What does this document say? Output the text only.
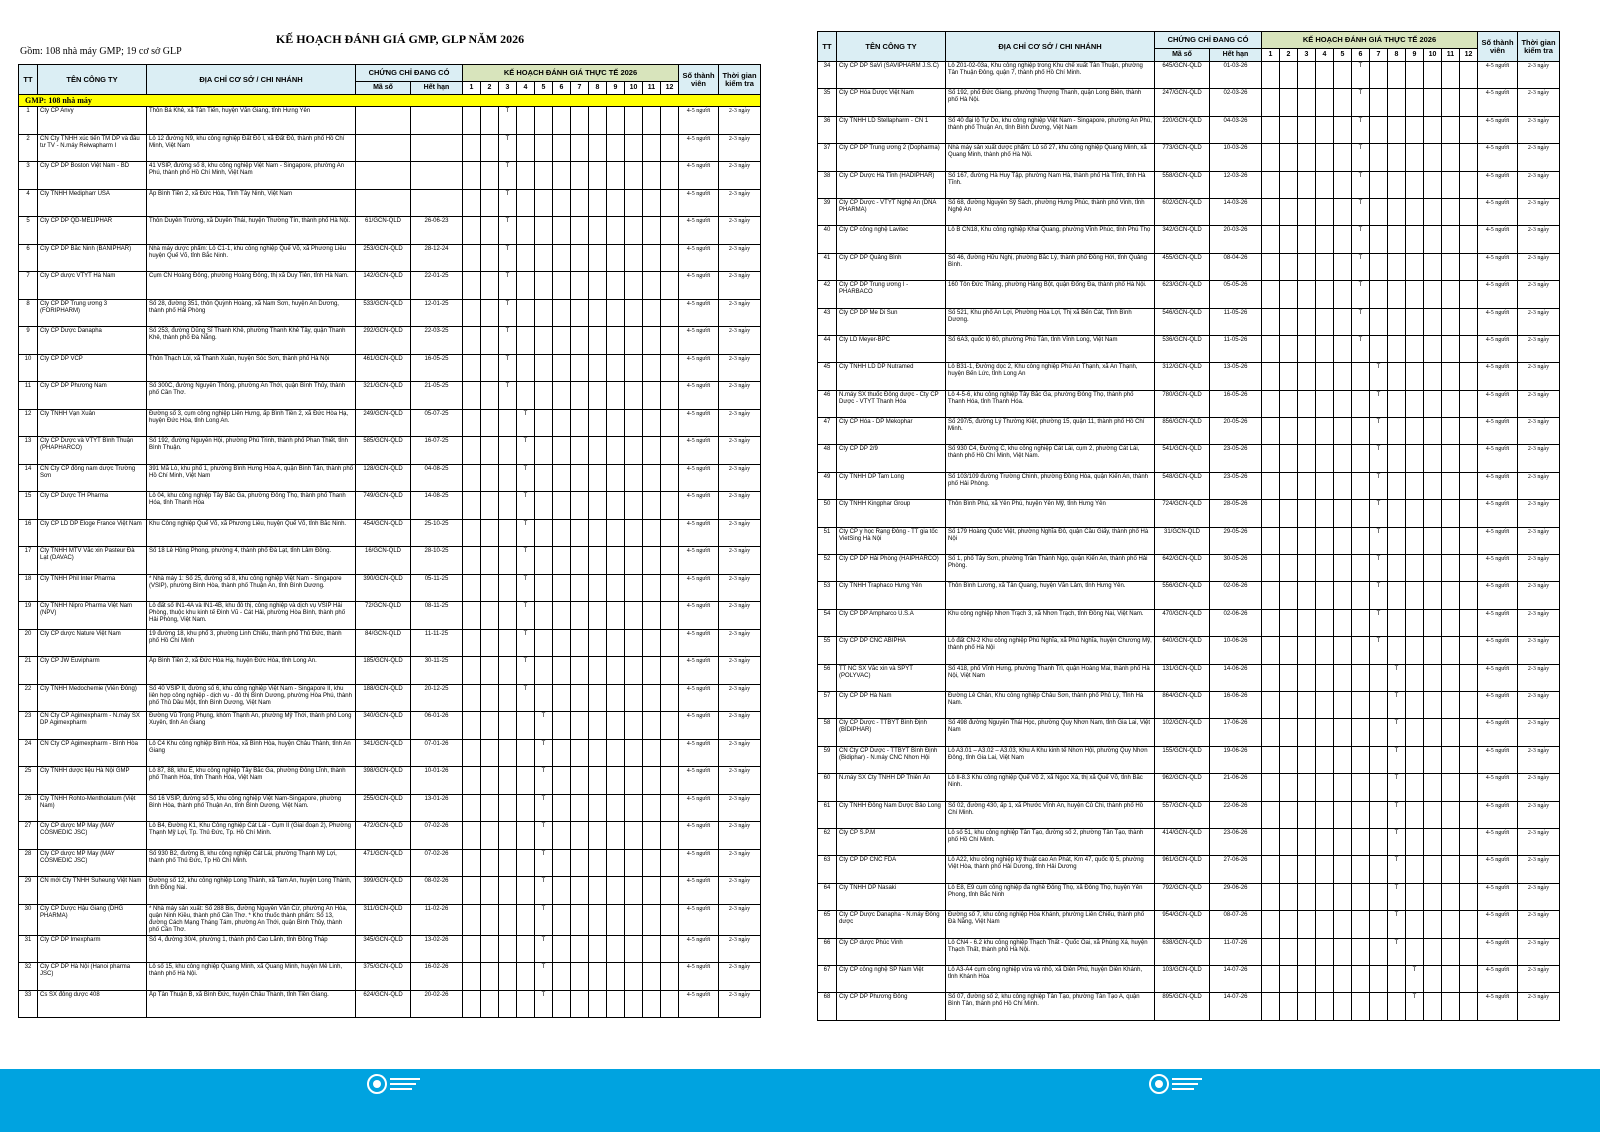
KẾ HOẠCH ĐÁNH GIÁ GMP, GLP NĂM 2026
Gồm: 108 nhà máy GMP; 19 cơ sở GLP
TT	TÊN CÔNG TY	ĐỊA CHỈ CƠ SỞ / CHI NHÁNH	CHỨNG CHỈ ĐANG CÓ		KẾ HOẠCH ĐÁNH GIÁ THỰC TẾ 2026												Số thành viên	Thời gian kiểm tra
			Mã số	Hết hạn	1	2	3	4	5	6	7	8	9	10	11	12		
GMP: 108 nhà máy																		
1	Cty CP Anvy	Thôn Bá Khê, xã Tân Tiến, huyện Văn Giang, tỉnh Hưng Yên					T										4-5 người	2-3 ngày
2	CN Cty TNHH xúc tiến TM DP và đầu tư TV - N.máy Reiwapharm I	Lô 12 đường N9, khu công nghiệp Đất Đỏ I, xã Đất Đỏ, thành phố Hồ Chí Minh, Việt Nam					T										4-5 người	2-3 ngày
3	Cty CP DP Boston Việt Nam - BD	41 VSIP, đường số 8, khu công nghiệp Việt Nam - Singapore, phường An Phú, thành phố Hồ Chí Minh, Việt Nam					T										4-5 người	2-3 ngày
4	Cty TNHH Medipharr USA	Ấp Bình Tiền 2, xã Đức Hòa, Tỉnh Tây Ninh, Việt Nam					T										4-5 người	2-3 ngày
5	Cty CP DP QD-MELIPHAR	Thôn Duyên Trường, xã Duyên Thái, huyện Thường Tín, thành phố Hà Nội.	61/GCN-QLD	26-06-23			T										4-5 người	2-3 ngày
6	Cty CP DP Bắc Ninh (BANIPHAR)	Nhà máy dược phẩm: Lô C1-1, khu công nghiệp Quế Võ, xã Phương Liễu huyện Quế Võ, tỉnh Bắc Ninh.	253/GCN-QLD	28-12-24			T										4-5 người	2-3 ngày
7	Cty CP dược VTYT Hà Nam	Cụm CN Hoàng Đông, phường Hoàng Đông, thị xã Duy Tiên, tỉnh Hà Nam.	142/GCN-QLD	22-01-25			T										4-5 người	2-3 ngày
8	Cty CP DP Trung ương 3 (FORIPHARM)	Số 28, đường 351, thôn Quỳnh Hoàng, xã Nam Sơn, huyện An Dương, thành phố Hải Phòng	533/GCN-QLD	12-01-25			T										4-5 người	2-3 ngày
9	Cty CP Dược Danapha	Số 253, đường Dũng Sĩ Thanh Khê, phường Thanh Khê Tây, quận Thanh Khê, thành phố Đà Nẵng.	292/GCN-QLD	22-03-25			T										4-5 người	2-3 ngày
10	Cty CP DP VCP	Thôn Thạch Lỗi, xã Thanh Xuân, huyện Sóc Sơn, thành phố Hà Nội	461/GCN-QLD	16-05-25			T										4-5 người	2-3 ngày
11	Cty CP DP Phương Nam	Số 300C, đường Nguyễn Thông, phường An Thới, quận Bình Thủy, thành phố Cần Thơ.	321/GCN-QLD	21-05-25			T										4-5 người	2-3 ngày
12	Cty TNHH Vạn Xuân	Đường số 3, cụm công nghiệp Liên Hưng, ấp Bình Tiền 2, xã Đức Hòa Hạ, huyện Đức Hòa, tỉnh Long An.	249/GCN-QLD	05-07-25				T									4-5 người	2-3 ngày
13	Cty CP Dược và VTYT Bình Thuận (PHAPHARCO)	Số 192, đường Nguyễn Hội, phường Phú Trinh, thành phố Phan Thiết, tỉnh Bình Thuận.	585/GCN-QLD	16-07-25				T									4-5 người	2-3 ngày
14	CN Cty CP đông nam dược Trường Sơn	391 Mã Lò, khu phố 1, phường Bình Hưng Hòa A, quận Bình Tân, thành phố Hồ Chí Minh, Việt Nam	128/GCN-QLD	04-08-25				T									4-5 người	2-3 ngày
15	Cty CP Dược TH Pharma	Lô 04, khu công nghiệp Tây Bắc Ga, phường Đông Thọ, thành phố Thanh Hóa, tỉnh Thanh Hóa	749/GCN-QLD	14-08-25				T									4-5 người	2-3 ngày
16	Cty CP LD DP Éloge France Việt Nam	Khu Công nghiệp Quế Võ, xã Phương Liễu, huyện Quế Võ, tỉnh Bắc Ninh.	454/GCN-QLD	25-10-25				T									4-5 người	2-3 ngày
17	Cty TNHH MTV Vắc xin Pasteur Đà Lạt (DAVAC)	Số 18 Lê Hồng Phong, phường 4, thành phố Đà Lạt, tỉnh Lâm Đồng.	16/GCN-QLD	28-10-25				T									4-5 người	2-3 ngày
18	Cty TNHH Phil Inter Pharma	* Nhà máy 1: Số 25, đường số 8, khu công nghiệp Việt Nam - Singapore (VSIP), phường Bình Hòa, thành phố Thuận An, tỉnh Bình Dương.	390/GCN-QLD	05-11-25				T									4-5 người	2-3 ngày
19	Cty TNHH Nipro Pharma Việt Nam (NPV)	Lô đất số IN1-4A và IN1-4B, khu đô thị, công nghiệp và dịch vụ VSIP Hải Phòng, thuộc khu kinh tế Đình Vũ - Cát Hải, phường Hòa Bình, thành phố Hải Phòng, Việt Nam.	72/GCN-QLD	08-11-25				T									4-5 người	2-3 ngày
20	Cty CP dược Nature Việt Nam	19 đường 18, khu phố 3, phường Linh Chiểu, thành phố Thủ Đức, thành phố Hồ Chí Minh	84/GCN-QLD	11-11-25				T									4-5 người	2-3 ngày
21	Cty CP JW Euvipharm	Ấp Bình Tiền 2, xã Đức Hòa Hạ, huyện Đức Hòa, tỉnh Long An.	185/GCN-QLD	30-11-25				T									4-5 người	2-3 ngày
22	Cty TNHH Medochemie (Viễn Đông)	Số 40 VSIP II, đường số 6, khu công nghiệp Việt Nam - Singapore II, khu liên hợp công nghiệp - dịch vụ - đô thị Bình Dương, phường Hòa Phú, thành phố Thủ Dầu Một, tỉnh Bình Dương, Việt Nam	188/GCN-QLD	20-12-25				T									4-5 người	2-3 ngày
23	CN Cty CP Agimexpharm - N.máy SX DP Agimexpharm	Đường Vũ Trọng Phụng, khóm Thạnh An, phường Mỹ Thới, thành phố Long Xuyên, tỉnh An Giang	340/GCN-QLD	06-01-26					T								4-5 người	2-3 ngày
24	CN Cty CP Agimexpharm - Bình Hòa	Lô C4 Khu công nghiệp Bình Hòa, xã Bình Hòa, huyện Châu Thành, tỉnh An Giang	341/GCN-QLD	07-01-26					T								4-5 người	2-3 ngày
25	Cty TNHH dược liệu Hà Nội GMP	Lô 87, 88, khu E, khu công nghiệp Tây Bắc Ga, phường Đông Lĩnh, thành phố Thanh Hóa, tỉnh Thanh Hóa, Việt Nam	398/GCN-QLD	10-01-26					T								4-5 người	2-3 ngày
26	Cty TNHH Rohto-Mentholatum (Việt Nam)	Số 16 VSIP, đường số 5, khu công nghiệp Việt Nam-Singapore, phường Bình Hòa, thành phố Thuận An, tỉnh Bình Dương, Việt Nam.	255/GCN-QLD	13-01-26					T								4-5 người	2-3 ngày
27	Cty CP dược MP May (MAY COSMEDIC JSC)	Lô B4, Đường K1, Khu Công nghiệp Cát Lái - Cụm II (Giai đoạn 2), Phường Thạnh Mỹ Lợi, Tp. Thủ Đức, Tp. Hồ Chí Minh.	472/GCN-QLD	07-02-26					T								4-5 người	2-3 ngày
28	Cty CP dược MP May (MAY COSMEDIC JSC)	Số 930 B2, đường B, khu công nghiệp Cát Lái, phường Thạnh Mỹ Lợi, thành phố Thủ Đức, Tp Hồ Chí Minh.	471/GCN-QLD	07-02-26					T								4-5 người	2-3 ngày
29	CN mới Cty TNHH Suheung Việt Nam	Đường số 12, khu công nghiệp Long Thành, xã Tam An, huyện Long Thành, tỉnh Đồng Nai.	399/GCN-QLD	08-02-26					T								4-5 người	2-3 ngày
30	Cty CP Dược Hậu Giang (DHG PHARMA)	* Nhà máy sản xuất: Số 288 Bis, đường Nguyễn Văn Cừ, phường An Hòa, quận Ninh Kiều, thành phố Cần Thơ. * Kho thuốc thành phẩm: Số 13, đường Cách Mạng Tháng Tám, phường An Thới, quận Bình Thủy, thành phố Cần Thơ.	311/GCN-QLD	11-02-26					T								4-5 người	2-3 ngày
31	Cty CP DP Imexpharm	Số 4, đường 30/4, phường 1, thành phố Cao Lãnh, tỉnh Đồng Tháp	345/GCN-QLD	13-02-26					T								4-5 người	2-3 ngày
32	Cty CP DP Hà Nội (Hanoi pharma JSC)	Lô số 15, khu công nghiệp Quang Minh, xã Quang Minh, huyện Mê Linh, thành phố Hà Nội.	375/GCN-QLD	16-02-26					T								4-5 người	2-3 ngày
33	Cs SX đông dược 408	Ấp Tân Thuận B, xã Bình Đức, huyện Châu Thành, tỉnh Tiền Giang.	624/GCN-QLD	20-02-26					T								4-5 người	2-3 ngày
TT	TÊN CÔNG TY	ĐỊA CHỈ CƠ SỞ / CHI NHÁNH	CHỨNG CHỈ ĐANG CÓ		KẾ HOẠCH ĐÁNH GIÁ THỰC TẾ 2026												Số thành viên	Thời gian kiểm tra
			Mã số	Hết hạn	1	2	3	4	5	6	7	8	9	10	11	12		
34	Cty CP DP SaVi (SAVIPHARM J.S.C)	Lô Z01-02-03a, Khu công nghiệp trong Khu chế xuất Tân Thuận, phường Tân Thuận Đông, quận 7, thành phố Hồ Chí Minh.	645/GCN-QLD	01-03-26						T							4-5 người	2-3 ngày
35	Cty CP Hóa Dược Việt Nam	Số 192, phố Đức Giang, phường Thượng Thanh, quận Long Biên, thành phố Hà Nội.	247/GCN-QLD	02-03-26						T							4-5 người	2-3 ngày
36	Cty TNHH LD Stellapharm - CN 1	Số 40 đại lộ Tự Do, khu công nghiệp Việt Nam - Singapore, phường An Phú, thành phố Thuận An, tỉnh Bình Dương, Việt Nam	220/GCN-QLD	04-03-26						T							4-5 người	2-3 ngày
37	Cty CP DP Trung ương 2 (Dopharma)	Nhà máy sản xuất dược phẩm: Lô số 27, khu công nghiệp Quang Minh, xã Quang Minh, thành phố Hà Nội.	773/GCN-QLD	10-03-26						T							4-5 người	2-3 ngày
38	Cty CP Dược Hà Tĩnh (HADIPHAR)	Số 167, đường Hà Huy Tập, phường Nam Hà, thành phố Hà Tĩnh, tỉnh Hà Tĩnh.	558/GCN-QLD	12-03-26						T							4-5 người	2-3 ngày
39	Cty CP Dược - VTYT Nghệ An (DNA PHARMA)	Số 68, đường Nguyễn Sỹ Sách, phường Hưng Phúc, thành phố Vinh, tỉnh Nghệ An	602/GCN-QLD	14-03-26						T							4-5 người	2-3 ngày
40	Cty CP công nghệ Lavitec	Lô B CN18, Khu công nghiệp Khai Quang, phường Vĩnh Phúc, tỉnh Phú Thọ	342/GCN-QLD	20-03-26						T							4-5 người	2-3 ngày
41	Cty CP DP Quảng Bình	Số 46, đường Hữu Nghị, phường Bắc Lý, thành phố Đồng Hới, tỉnh Quảng Bình.	455/GCN-QLD	08-04-26						T							4-5 người	2-3 ngày
42	Cty CP DP Trung ương I - PHARBACO	160 Tôn Đức Thắng, phường Hàng Bột, quận Đống Đa, thành phố Hà Nội.	623/GCN-QLD	05-05-26						T							4-5 người	2-3 ngày
43	Cty CP DP Me Di Sun	Số 521, Khu phố An Lợi, Phường Hòa Lợi, Thị xã Bến Cát, Tỉnh Bình Dương.	546/GCN-QLD	11-05-26						T							4-5 người	2-3 ngày
44	Cty LD Meyer-BPC	Số 6A3, quốc lộ 60, phường Phú Tân, tỉnh Vĩnh Long, Việt Nam	536/GCN-QLD	11-05-26						T							4-5 người	2-3 ngày
45	Cty TNHH LD DP Nutramed	Lô B31-1, Đường dọc 2, Khu công nghiệp Phú An Thạnh, xã An Thạnh, huyện Bến Lức, tỉnh Long An	312/GCN-QLD	13-05-26							T						4-5 người	2-3 ngày
46	N.máy SX thuốc Đông dược - Cty CP Dược - VTYT Thanh Hóa	Lô 4-5-6, khu công nghiệp Tây Bắc Ga, phường Đông Thọ, thành phố Thanh Hóa, tỉnh Thanh Hóa.	780/GCN-QLD	16-05-26							T						4-5 người	2-3 ngày
47	Cty CP Hóa - DP Mekophar	Số 297/5, đường Lý Thường Kiệt, phường 15, quận 11, thành phố Hồ Chí Minh.	856/GCN-QLD	20-05-26							T						4-5 người	2-3 ngày
48	Cty CP DP 2/9	Số 930 C4, Đường C, khu công nghiệp Cát Lái, cụm 2, phường Cát Lái, thành phố Hồ Chí Minh, Việt Nam.	541/GCN-QLD	23-05-26							T						4-5 người	2-3 ngày
49	Cty TNHH DP Tam Long	Số 103/109 đường Trường Chinh, phường Đồng Hòa, quận Kiến An, thành phố Hải Phòng.	548/GCN-QLD	23-05-26							T						4-5 người	2-3 ngày
50	Cty TNHH Kingphar Group	Thôn Bình Phú, xã Yên Phú, huyện Yên Mỹ, tỉnh Hưng Yên	724/GCN-QLD	28-05-26							T						4-5 người	2-3 ngày
51	Cty CP y học Rạng Đông - TT gia tốc VietSing Hà Nội	Số 179 Hoàng Quốc Việt, phường Nghĩa Đô, quận Cầu Giấy, thành phố Hà Nội	31/GCN-QLD	29-05-26							T						4-5 người	2-3 ngày
52	Cty CP DP Hải Phòng (HAIPHARCO)	Số 1, phố Tây Sơn, phường Trần Thành Ngọ, quận Kiến An, thành phố Hải Phòng.	642/GCN-QLD	30-05-26							T						4-5 người	2-3 ngày
53	Cty TNHH Traphaco Hưng Yên	Thôn Bình Lương, xã Tân Quang, huyện Văn Lâm, tỉnh Hưng Yên.	556/GCN-QLD	02-06-26							T						4-5 người	2-3 ngày
54	Cty CP DP Ampharco U.S.A	Khu công nghiệp Nhơn Trạch 3, xã Nhơn Trạch, tỉnh Đồng Nai, Việt Nam.	470/GCN-QLD	02-06-26							T						4-5 người	2-3 ngày
55	Cty CP DP CNC ABIPHA	Lô đất CN-2 Khu công nghiệp Phú Nghĩa, xã Phú Nghĩa, huyện Chương Mỹ, thành phố Hà Nội	640/GCN-QLD	10-06-26							T						4-5 người	2-3 ngày
56	TT NC SX Vắc xin và SPYT (POLYVAC)	Số 418, phố Vĩnh Hưng, phường Thanh Trì, quận Hoàng Mai, thành phố Hà Nội, Việt Nam	131/GCN-QLD	14-06-26								T					4-5 người	2-3 ngày
57	Cty CP DP Hà Nam	Đường Lê Chân, Khu công nghiệp Châu Sơn, thành phố Phủ Lý, Tỉnh Hà Nam.	864/GCN-QLD	16-06-26								T					4-5 người	2-3 ngày
58	Cty CP Dược - TTBYT Bình Định (BIDIPHAR)	Số 498 đường Nguyễn Thái Học, phường Quy Nhơn Nam, tỉnh Gia Lai, Việt Nam	102/GCN-QLD	17-06-26								T					4-5 người	2-3 ngày
59	CN Cty CP Dược - TTBYT Bình Định (Bidiphar) - N.máy CNC Nhơn Hội	Lô A3.01 – A3.02 – A3.03, Khu A Khu kinh tế Nhơn Hội, phường Quy Nhơn Đông, tỉnh Gia Lai, Việt Nam	155/GCN-QLD	19-06-26								T					4-5 người	2-3 ngày
60	N.máy SX Cty TNHH DP Thiên Ân	Lô II-8.3 Khu công nghiệp Quế Võ 2, xã Ngọc Xá, thị xã Quế Võ, tỉnh Bắc Ninh.	962/GCN-QLD	21-06-26								T					4-5 người	2-3 ngày
61	Cty TNHH Đông Nam Dược Bảo Long	Số 02, đường 430, ấp 1, xã Phước Vĩnh An, huyện Củ Chi, thành phố Hồ Chí Minh.	557/GCN-QLD	22-06-26								T					4-5 người	2-3 ngày
62	Cty CP S.P.M	Lô số 51, khu công nghiệp Tân Tạo, đường số 2, phường Tân Tạo, thành phố Hồ Chí Minh.	414/GCN-QLD	23-06-26								T					4-5 người	2-3 ngày
63	Cty CP DP CNC FDA	Lô A22, khu công nghiệp kỹ thuật cao An Phát, Km 47, quốc lộ 5, phường Việt Hòa, thành phố Hải Dương, tỉnh Hải Dương	961/GCN-QLD	27-06-26								T					4-5 người	2-3 ngày
64	Cty TNHH DP Nasaki	Lô E8, E9 cụm công nghiệp đa nghề Đông Thọ, xã Đông Thọ, huyện Yên Phong, tỉnh Bắc Ninh	792/GCN-QLD	29-06-26								T					4-5 người	2-3 ngày
65	Cty CP Dược Danapha - N.máy Đông dược	Đường số 7, khu công nghiệp Hòa Khánh, phường Liên Chiểu, thành phố Đà Nẵng, Việt Nam	954/GCN-QLD	08-07-26								T					4-5 người	2-3 ngày
66	Cty CP dược Phúc Vinh	Lô CN4 - 6.2 khu công nghiệp Thạch Thất - Quốc Oai, xã Phùng Xá, huyện Thạch Thất, thành phố Hà Nội.	638/GCN-QLD	11-07-26								T					4-5 người	2-3 ngày
67	Cty CP công nghệ SP Nam Việt	Lô A3-A4 cụm công nghiệp vừa và nhỏ, xã Diên Phú, huyện Diên Khánh, tỉnh Khánh Hòa	103/GCN-QLD	14-07-26									T				4-5 người	2-3 ngày
68	Cty CP DP Phương Đông	Số 07, đường số 2, khu công nghiệp Tân Tạo, phường Tân Tạo A, quận Bình Tân, thành phố Hồ Chí Minh.	895/GCN-QLD	14-07-26									T				4-5 người	2-3 ngày
